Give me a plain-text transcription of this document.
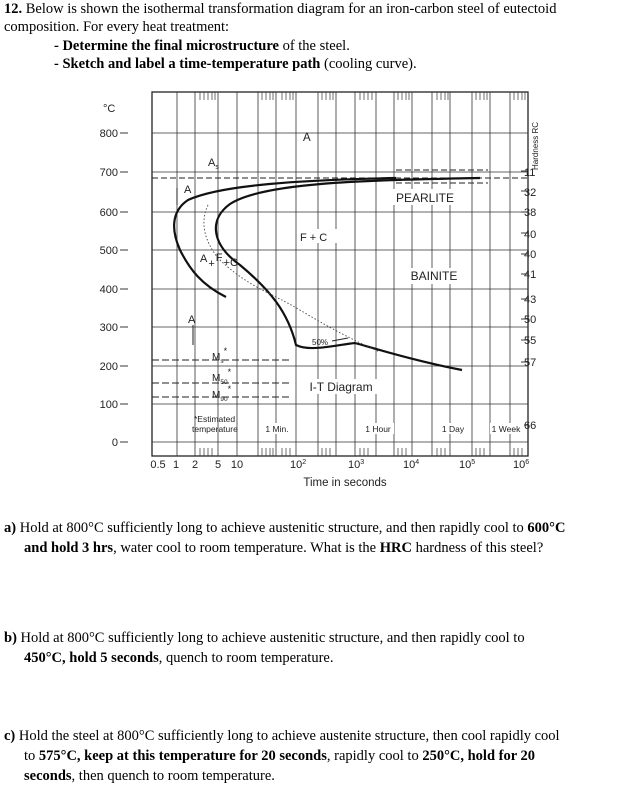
12. Below is shown the isothermal transformation diagram for an iron-carbon steel of eutectoid
composition. For every heat treatment:
- Determine the final microstructure of the steel.
- Sketch and label a time-temperature path (cooling curve).
°C
800
700
600
500
400
300
200
100
0
0.5 1 2 5 10	$10^2$	$10^3$	$10^4$	$10^5$	$10^6$
Time in seconds
Hardness RC
11
32
38
40
40
41
43
50
55
57
66
A
$A_s$
A
PEARLITE
F + C
A+F+C
BAINITE
A
50%
$M_s*$
$M_{50}*$
$M_{90}*$	I-T Diagram
*Estimated
temperature	1 Min.	1 Hour	1 Day	1 Week
a) Hold at 800°C sufficiently long to achieve austenitic structure, and then rapidly cool to 600°C
and hold 3 hrs, water cool to room temperature. What is the HRC hardness of this steel?
b) Hold at 800°C sufficiently long to achieve austenitic structure, and then rapidly cool to
450°C, hold 5 seconds, quench to room temperature.
c) Hold the steel at 800°C sufficiently long to achieve austenite structure, then cool rapidly cool
to 575°C, keep at this temperature for 20 seconds, rapidly cool to 250°C, hold for 20
seconds, then quench to room temperature.
